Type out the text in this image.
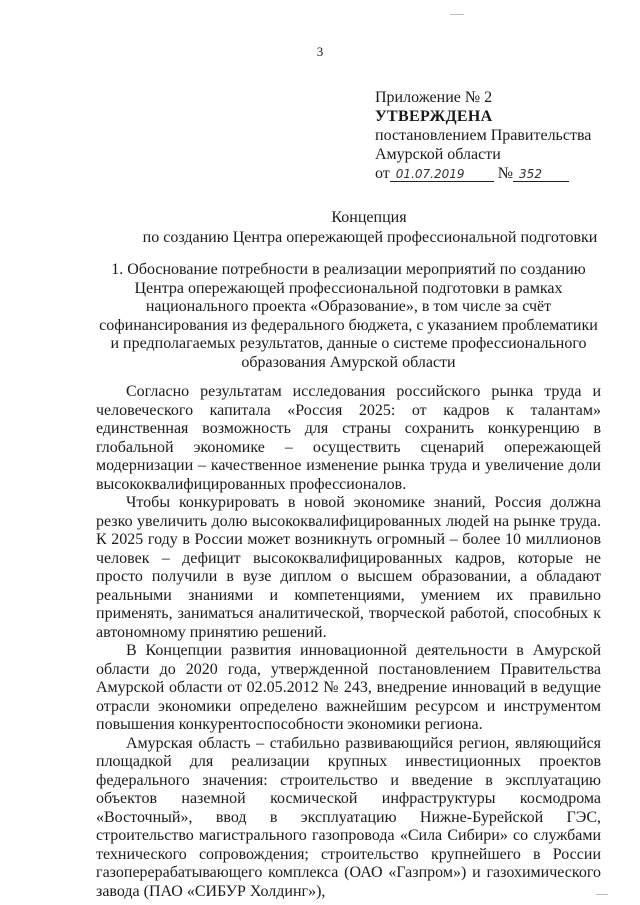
3
Приложение № 2
УТВЕРЖДЕНА
постановлением Правительства
Амурской области
от 01.07.2019 № 352
Концепция
по созданию Центра опережающей профессиональной подготовки
1. Обоснование потребности в реализации мероприятий по созданию Центра опережающей профессиональной подготовки в рамках национального проекта «Образование», в том числе за счёт софинансирования из федерального бюджета, с указанием проблематики и предполагаемых результатов, данные о системе профессионального образования Амурской области

Согласно результатам исследования российского рынка труда и человеческого капитала «Россия 2025: от кадров к талантам» единственная возможность для страны сохранить конкуренцию в глобальной экономике – осуществить сценарий опережающей модернизации – качественное изменение рынка труда и увеличение доли высококвалифицированных профессионалов.

Чтобы конкурировать в новой экономике знаний, Россия должна резко увеличить долю высококвалифицированных людей на рынке труда. К 2025 году в России может возникнуть огромный – более 10 миллионов человек – дефицит высококвалифицированных кадров, которые не просто получили в вузе диплом о высшем образовании, а обладают реальными знаниями и компетенциями, умением их правильно применять, заниматься аналитической, творческой работой, способных к автономному принятию решений.

В Концепции развития инновационной деятельности в Амурской области до 2020 года, утвержденной постановлением Правительства Амурской области от 02.05.2012 № 243, внедрение инноваций в ведущие отрасли экономики определено важнейшим ресурсом и инструментом повышения конкурентоспособности экономики региона.

Амурская область – стабильно развивающийся регион, являющийся площадкой для реализации крупных инвестиционных проектов федерального значения: строительство и введение в эксплуатацию объектов наземной космической инфраструктуры космодрома «Восточный», ввод в эксплуатацию Нижне-Бурейской ГЭС, строительство магистрального газопровода «Сила Сибири» со службами технического сопровождения; строительство крупнейшего в России газоперерабатывающего комплекса (ОАО «Газпром») и газохимического завода (ПАО «СИБУР Холдинг»),
